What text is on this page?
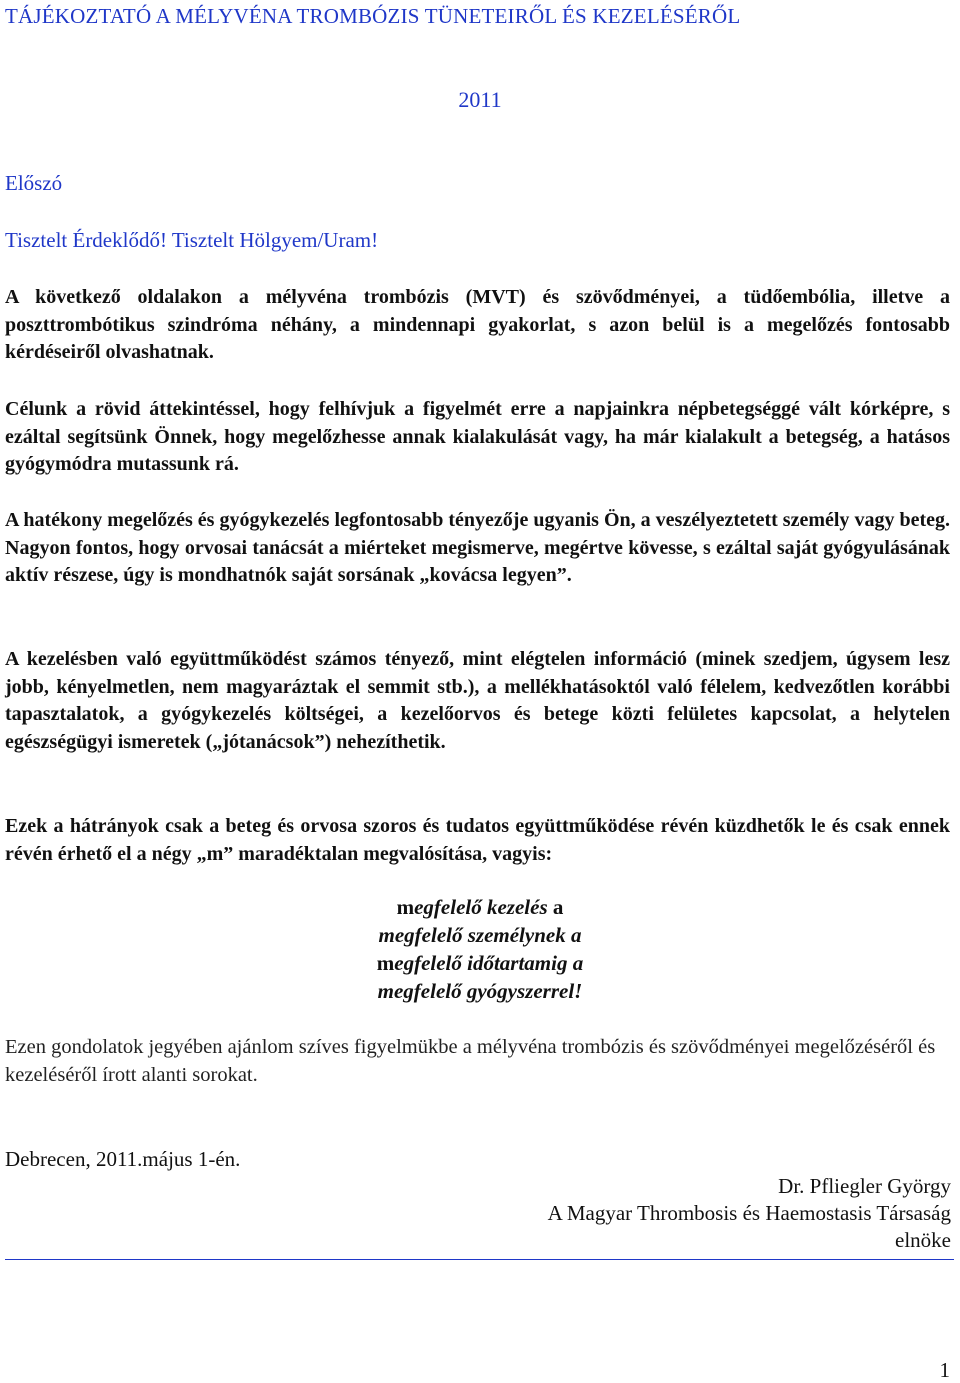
TÁJÉKOZTATÓ A MÉLYVÉNA TROMBÓZIS TÜNETEIRŐL ÉS KEZELÉSÉRŐL
2011
Előszó
Tisztelt Érdeklődő! Tisztelt Hölgyem/Uram!

A következő oldalakon a mélyvéna trombózis (MVT) és szövődményei, a tüdőembólia, illetve a poszttrombótikus szindróma néhány, a mindennapi gyakorlat, s azon belül is a megelőzés fontosabb kérdéseiről olvashatnak.

Célunk a rövid áttekintéssel, hogy felhívjuk a figyelmét erre a napjainkra népbetegséggé vált kórképre, s ezáltal segítsünk Önnek, hogy megelőzhesse annak kialakulását vagy, ha már kialakult a betegség, a hatásos gyógymódra mutassunk rá.

A hatékony megelőzés és gyógykezelés legfontosabb tényezője ugyanis Ön, a veszélyeztetett személy vagy beteg. Nagyon fontos, hogy orvosai tanácsát a miérteket megismerve, megértve kövesse, s ezáltal saját gyógyulásának aktív részese, úgy is mondhatnók saját sorsának „kovácsa legyen”.

A kezelésben való együttműködést számos tényező, mint elégtelen információ (minek szedjem, úgysem lesz jobb, kényelmetlen, nem magyaráztak el semmit stb.), a mellékhatásoktól való félelem, kedvezőtlen korábbi tapasztalatok, a gyógykezelés költségei, a kezelőorvos és betege közti felületes kapcsolat, a helytelen egészségügyi ismeretek („jótanácsok”) nehezíthetik.

Ezek a hátrányok csak a beteg és orvosa szoros és tudatos együttműködése révén küzdhetők le és csak ennek révén érhető el a négy „m” maradéktalan megvalósítása, vagyis:

megfelelő kezelés a
megfelelő személynek a
megfelelő időtartamig a
megfelelő gyógyszerrel!

Ezen gondolatok jegyében ajánlom szíves figyelmükbe a mélyvéna trombózis és szövődményei megelőzéséről és kezeléséről írott alanti sorokat.

Debrecen, 2011.május 1-én.
Dr. Pfliegler György
A Magyar Thrombosis és Haemostasis Társaság
elnöke
1
